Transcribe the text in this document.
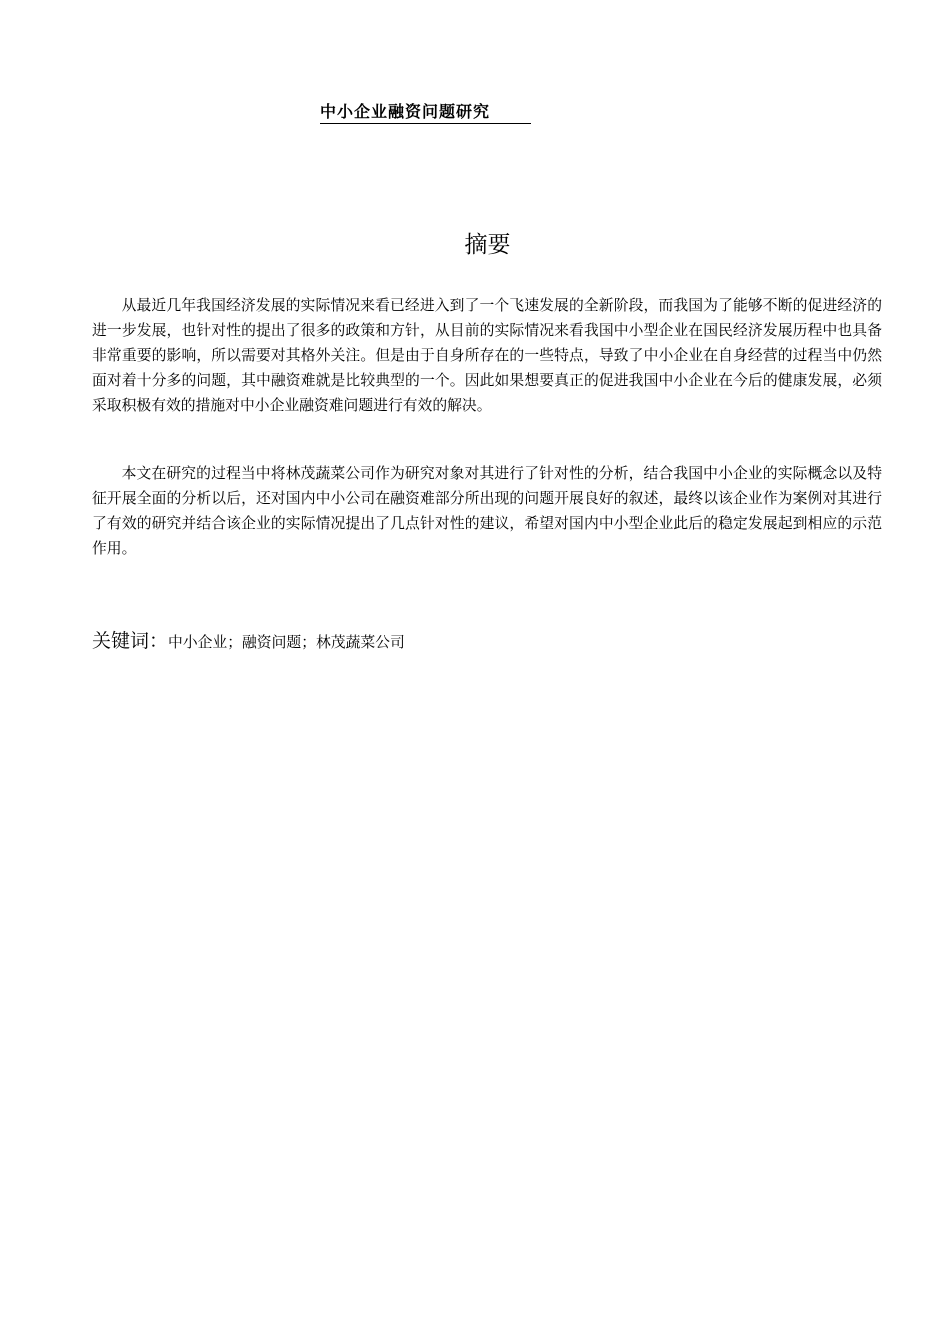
中小企业融资问题研究
摘要

从最近几年我国经济发展的实际情况来看已经进入到了一个飞速发展的全新阶段，而我国为了能够不断的促进经济的进一步发展，也针对性的提出了很多的政策和方针，从目前的实际情况来看我国中小型企业在国民经济发展历程中也具备非常重要的影响，所以需要对其格外关注。但是由于自身所存在的一些特点，导致了中小企业在自身经营的过程当中仍然面对着十分多的问题，其中融资难就是比较典型的一个。因此如果想要真正的促进我国中小企业在今后的健康发展，必须采取积极有效的措施对中小企业融资难问题进行有效的解决。

本文在研究的过程当中将林茂蔬菜公司作为研究对象对其进行了针对性的分析，结合我国中小企业的实际概念以及特征开展全面的分析以后，还对国内中小公司在融资难部分所出现的问题开展良好的叙述，最终以该企业作为案例对其进行了有效的研究并结合该企业的实际情况提出了几点针对性的建议，希望对国内中小型企业此后的稳定发展起到相应的示范作用。

关键词：中小企业；融资问题；林茂蔬菜公司
